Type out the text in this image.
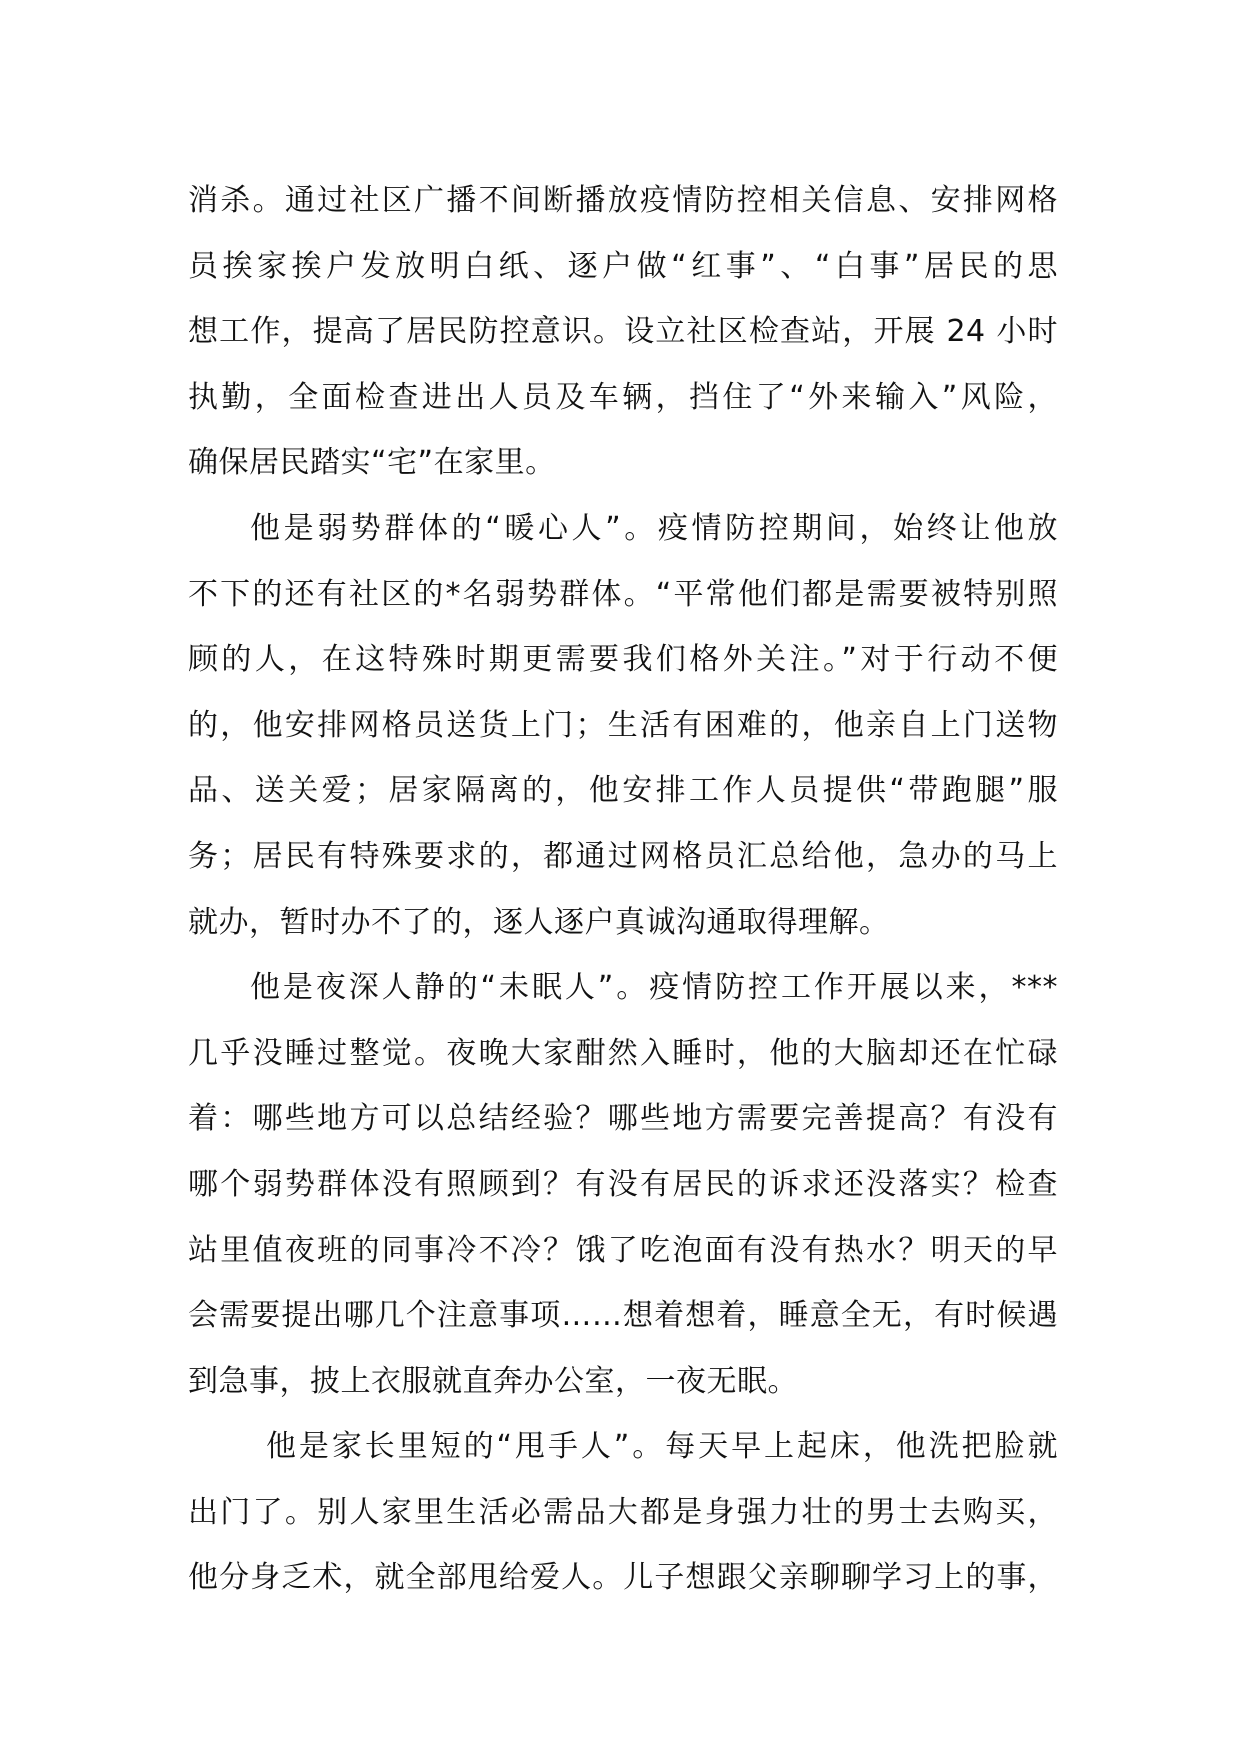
消杀。通过社区广播不间断播放疫情防控相关信息、安排网格
员挨家挨户发放明白纸、逐户做“红事”、“白事”居民的思
想工作，提高了居民防控意识。设立社区检查站，开展 24 小时
执勤，全面检查进出人员及车辆，挡住了“外来输入”风险，
确保居民踏实“宅”在家里。
他是弱势群体的“暖心人”。疫情防控期间，始终让他放
不下的还有社区的*名弱势群体。“平常他们都是需要被特别照
顾的人，在这特殊时期更需要我们格外关注。”对于行动不便
的，他安排网格员送货上门；生活有困难的，他亲自上门送物
品、送关爱；居家隔离的，他安排工作人员提供“带跑腿”服
务；居民有特殊要求的，都通过网格员汇总给他，急办的马上
就办，暂时办不了的，逐人逐户真诚沟通取得理解。
他是夜深人静的“未眠人”。疫情防控工作开展以来，***
几乎没睡过整觉。夜晚大家酣然入睡时，他的大脑却还在忙碌
着：哪些地方可以总结经验？哪些地方需要完善提高？有没有
哪个弱势群体没有照顾到？有没有居民的诉求还没落实？检查
站里值夜班的同事冷不冷？饿了吃泡面有没有热水？明天的早
会需要提出哪几个注意事项……想着想着，睡意全无，有时候遇
到急事，披上衣服就直奔办公室，一夜无眠。
他是家长里短的“甩手人”。每天早上起床，他洗把脸就
出门了。别人家里生活必需品大都是身强力壮的男士去购买，
他分身乏术，就全部甩给爱人。儿子想跟父亲聊聊学习上的事，
